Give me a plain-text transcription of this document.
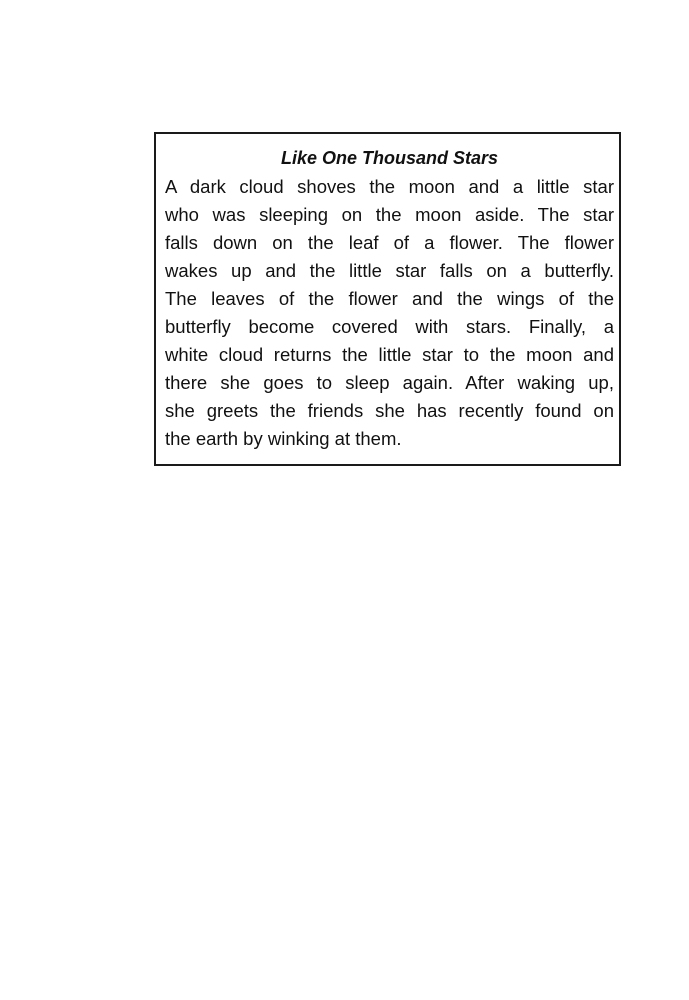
Like One Thousand Stars
A dark cloud shoves the moon and a little star
who was sleeping on the moon aside. The star
falls down on the leaf of a flower. The flower
wakes up and the little star falls on a butterfly.
The leaves of the flower and the wings of the
butterfly become covered with stars. Finally, a
white cloud returns the little star to the moon and
there she goes to sleep again. After waking up,
she greets the friends she has recently found on
the earth by winking at them.
